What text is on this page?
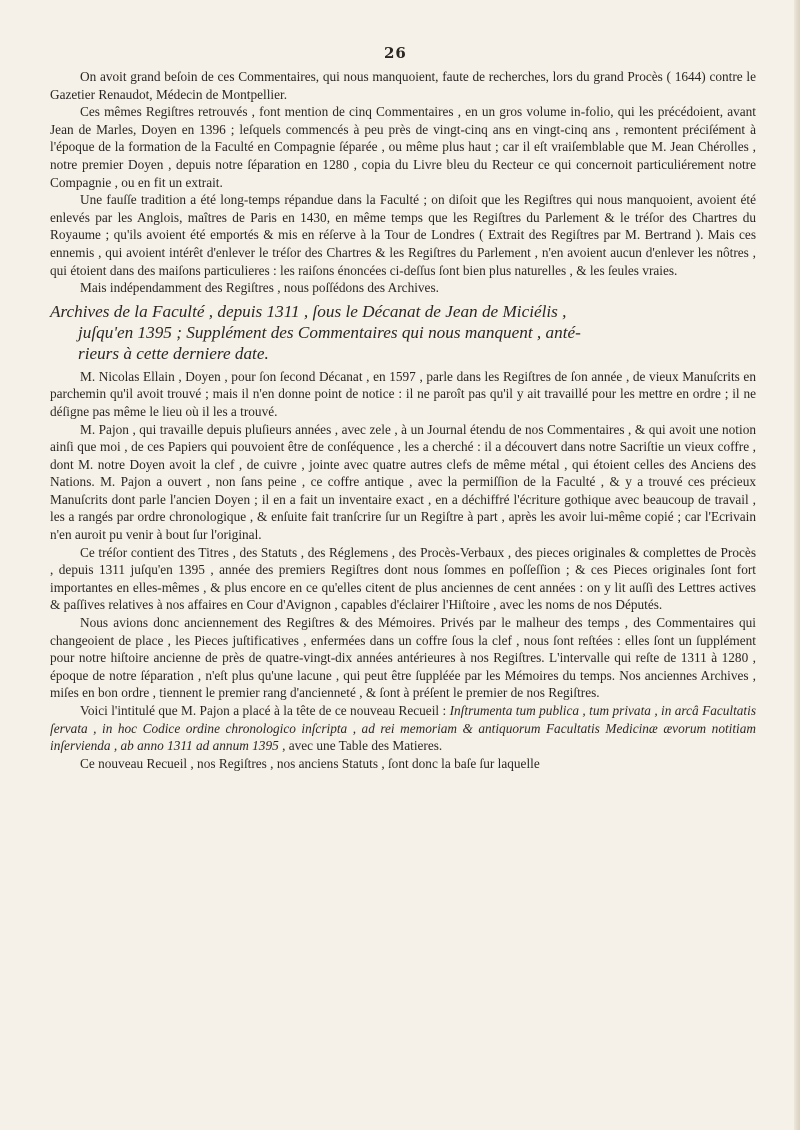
26

On avoit grand beſoin de ces Commentaires, qui nous manquoient, faute de recherches, lors du grand Procès ( 1644) contre le Gazetier Renaudot, Médecin de Montpellier.

Ces mêmes Regiſtres retrouvés , font mention de cinq Commentaires , en un gros volume in-folio, qui les précédoient, avant Jean de Marles, Doyen en 1396 ; leſquels commencés à peu près de vingt-cinq ans en vingt-cinq ans , remontent préciſément à l'époque de la formation de la Faculté en Compagnie ſéparée , ou même plus haut ; car il eſt vraiſemblable que M. Jean Chérolles , notre premier Doyen , depuis notre ſéparation en 1280 , copia du Livre bleu du Recteur ce qui concernoit particuliérement notre Compagnie , ou en fit un extrait.

Une fauſſe tradition a été long-temps répandue dans la Faculté ; on diſoit que les Regiſtres qui nous manquoient, avoient été enlevés par les Anglois, maîtres de Paris en 1430, en même temps que les Regiſtres du Parlement & le tréſor des Chartres du Royaume ; qu'ils avoient été emportés & mis en réſerve à la Tour de Londres ( Extrait des Regiſtres par M. Bertrand ). Mais ces ennemis , qui avoient intérêt d'enlever le tréſor des Chartres & les Regiſtres du Parlement , n'en avoient aucun d'enlever les nôtres , qui étoient dans des maiſons particulieres : les raiſons énoncées ci-deſſus ſont bien plus naturelles , & les ſeules vraies.

Mais indépendamment des Regiſtres , nous poſſédons des Archives.

Archives de la Faculté , depuis 1311 , ſous le Décanat de Jean de Miciélis ,
juſqu'en 1395 ; Supplément des Commentaires qui nous manquent , anté-
rieurs à cette derniere date.

M. Nicolas Ellain , Doyen , pour ſon ſecond Décanat , en 1597 , parle dans les Regiſtres de ſon année , de vieux Manuſcrits en parchemin qu'il avoit trouvé ; mais il n'en donne point de notice : il ne paroît pas qu'il y ait travaillé pour les mettre en ordre ; il ne déſigne pas même le lieu où il les a trouvé.

M. Pajon , qui travaille depuis pluſieurs années , avec zele , à un Journal étendu de nos Commentaires , & qui avoit une notion ainſi que moi , de ces Papiers qui pouvoient être de conſéquence , les a cherché : il a découvert dans notre Sacriſtie un vieux coffre , dont M. notre Doyen avoit la clef , de cuivre , jointe avec quatre autres clefs de même métal , qui étoient celles des Anciens des Nations. M. Pajon a ouvert , non ſans peine , ce coffre antique , avec la permiſſion de la Faculté , & y a trouvé ces précieux Manuſcrits dont parle l'ancien Doyen ; il en a fait un inventaire exact , en a déchiffré l'écriture gothique avec beaucoup de travail , les a rangés par ordre chronologique , & enſuite fait tranſcrire ſur un Regiſtre à part , après les avoir lui-même copié ; car l'Ecrivain n'en auroit pu venir à bout ſur l'original.

Ce tréſor contient des Titres , des Statuts , des Réglemens , des Procès-Verbaux , des pieces originales & complettes de Procès , depuis 1311 juſqu'en 1395 , année des premiers Regiſtres dont nous ſommes en poſſeſſion ; & ces Pieces originales ſont fort importantes en elles-mêmes , & plus encore en ce qu'elles citent de plus anciennes de cent années : on y lit auſſi des Lettres actives & paſſives relatives à nos affaires en Cour d'Avignon , capables d'éclairer l'Hiſtoire , avec les noms de nos Députés.

Nous avions donc anciennement des Regiſtres & des Mémoires. Privés par le malheur des temps , des Commentaires qui changeoient de place , les Pieces juſtificatives , enfermées dans un coffre ſous la clef , nous ſont reſtées : elles ſont un ſupplément pour notre hiſtoire ancienne de près de quatre-vingt-dix années antérieures à nos Regiſtres. L'intervalle qui reſte de 1311 à 1280 , époque de notre ſéparation , n'eſt plus qu'une lacune , qui peut être ſuppléée par les Mémoires du temps. Nos anciennes Archives , miſes en bon ordre , tiennent le premier rang d'ancienneté , & ſont à préſent le premier de nos Regiſtres.

Voici l'intitulé que M. Pajon a placé à la tête de ce nouveau Recueil : Inſtrumenta tum publica , tum privata , in arcâ Facultatis ſervata , in hoc Codice ordine chronologico inſcripta , ad rei memoriam & antiquorum Facultatis Medicinæ ævorum notitiam inſervienda , ab anno 1311 ad annum 1395 , avec une Table des Matieres.

Ce nouveau Recueil , nos Regiſtres , nos anciens Statuts , ſont donc la baſe ſur laquelle
